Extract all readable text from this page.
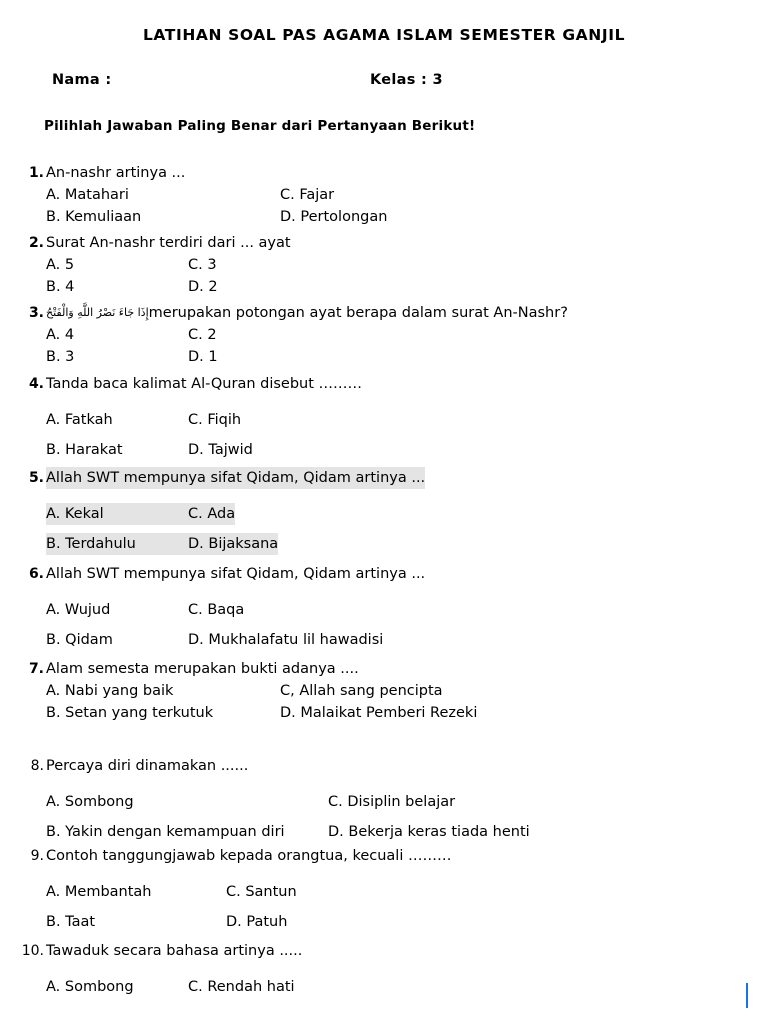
LATIHAN SOAL PAS AGAMA ISLAM SEMESTER GANJIL
Nama :	Kelas : 3
Pilihlah Jawaban Paling Benar dari Pertanyaan Berikut!
1. An-nashr artinya ...
A. Matahari	C. Fajar
B. Kemuliaan	D. Pertolongan
2. Surat An-nashr terdiri dari ... ayat
A. 5	C. 3
B. 4	D. 2
3. إِذَا جَاءَ نَصْرُ اللَّهِ وَالْفَتْحُmerupakan potongan ayat berapa dalam surat An-Nashr?
A. 4	C. 2
B. 3	D. 1
4. Tanda baca kalimat Al-Quran disebut ………
A. Fatkah	C. Fiqih
B. Harakat	D. Tajwid
5. Allah SWT mempunya sifat Qidam, Qidam artinya ...
A. Kekal	C. Ada
B. Terdahulu	D. Bijaksana
6. Allah SWT mempunya sifat Qidam, Qidam artinya ...
A. Wujud	C. Baqa
B. Qidam	D. Mukhalafatu lil hawadisi
7. Alam semesta merupakan bukti adanya ....
A. Nabi yang baik	C, Allah sang pencipta
B. Setan yang terkutuk	D. Malaikat Pemberi Rezeki
8. Percaya diri dinamakan ......
A. Sombong	C. Disiplin belajar
B. Yakin dengan kemampuan diri	D. Bekerja keras tiada henti
9. Contoh tanggungjawab kepada orangtua, kecuali ………
A. Membantah	C. Santun
B. Taat	D. Patuh
10. Tawaduk secara bahasa artinya .....
A. Sombong	C. Rendah hati
